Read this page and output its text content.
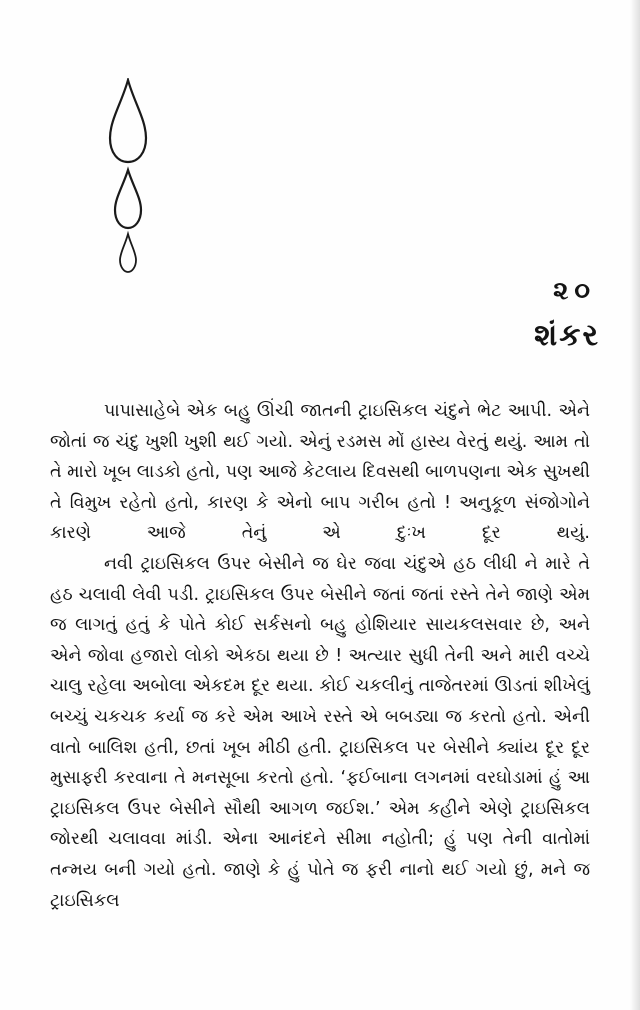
૨૦
શંકર

પાપાસાહેબે એક બહુ ઊંચી જાતની ટ્રાઇસિકલ ચંદુને ભેટ આપી. એને જોતાં જ ચંદુ ખુશી ખુશી થઈ ગયો. એનું રડમસ મોં હાસ્ય વેરતું થયું. આમ તો તે મારો ખૂબ લાડકો હતો, પણ આજે કેટલાય દિવસથી બાળપણના એક સુખથી તે વિમુખ રહેતો હતો, કારણ કે એનો બાપ ગરીબ હતો ! અનુકૂળ સંજોગોને કારણે આજે તેનું એ દુઃખ દૂર થયું.

નવી ટ્રાઇસિકલ ઉપર બેસીને જ ઘેર જવા ચંદુએ હઠ લીધી ને મારે તે હઠ ચલાવી લેવી પડી. ટ્રાઇસિકલ ઉપર બેસીને જતાં જતાં રસ્તે તેને જાણે એમ જ લાગતું હતું કે પોતે કોઈ સર્કસનો બહુ હોશિયાર સાયકલસવાર છે, અને એને જોવા હજારો લોકો એકઠા થયા છે ! અત્યાર સુધી તેની અને મારી વચ્ચે ચાલુ રહેલા અબોલા એકદમ દૂર થયા. કોઈ ચકલીનું તાજેતરમાં ઊડતાં શીખેલું બચ્ચું ચકચક કર્યા જ કરે એમ આખે રસ્તે એ બબડ્યા જ કરતો હતો. એની વાતો બાલિશ હતી, છતાં ખૂબ મીઠી હતી. ટ્રાઇસિકલ પર બેસીને ક્યાંય દૂર દૂર મુસાફરી કરવાના તે મનસૂબા કરતો હતો. ‘ફઈબાના લગનમાં વરઘોડામાં હું આ ટ્રાઇસિકલ ઉપર બેસીને સૌથી આગળ જઈશ.’ એમ કહીને એણે ટ્રાઇસિકલ જોરથી ચલાવવા માંડી. એના આનંદને સીમા નહોતી; હું પણ તેની વાતોમાં તન્મય બની ગયો હતો. જાણે કે હું પોતે જ ફરી નાનો થઈ ગયો છું, મને જ ટ્રાઇસિકલ
